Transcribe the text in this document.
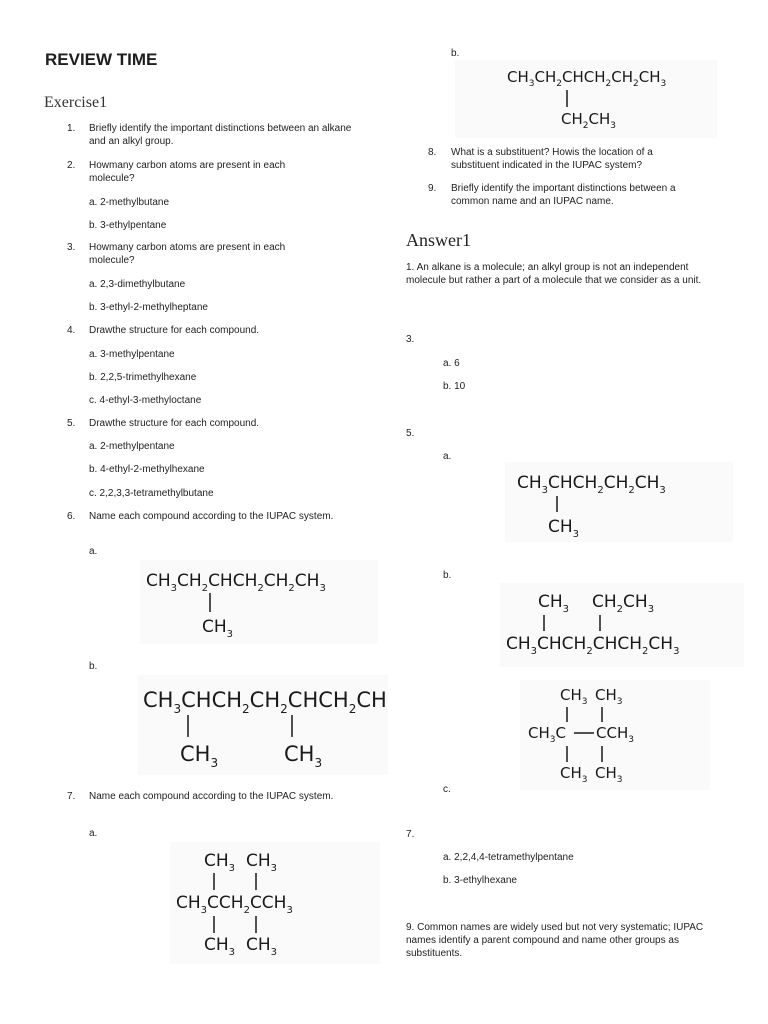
REVIEW TIME
Exercise1
1. Briefly identify the important distinctions between an alkane and an alkyl group.
2. Howmany carbon atoms are present in each molecule?
a. 2-methylbutane
b. 3-ethylpentane
3. Howmany carbon atoms are present in each molecule?
a. 2,3-dimethylbutane
b. 3-ethyl-2-methylheptane
4. Drawthe structure for each compound.
a. 3-methylpentane
b. 2,2,5-trimethylhexane
c. 4-ethyl-3-methyloctane
5. Drawthe structure for each compound.
a. 2-methylpentane
b. 4-ethyl-2-methylhexane
c. 2,2,3,3-tetramethylbutane
6. Name each compound according to the IUPAC system.
a.
$CH_3CH_2CHCH_2CH_2CH_3$
$CH_3$
b.
$CH_3CHCH_2CH_2CHCH_2CH$
$CH_3$	$CH_3$
7. Name each compound according to the IUPAC system.
a.
$CH_3$ $CH_3$
$CH_3CCH_2CCH_3$
$CH_3$ $CH_3$
b.
$CH_3CH_2CHCH_2CH_2CH_3$
$CH_2CH_3$
8. What is a substituent? Howis the location of a substituent indicated in the IUPAC system?
9. Briefly identify the important distinctions between a common name and an IUPAC name.
Answer1
1. An alkane is a molecule; an alkyl group is not an independent molecule but rather a part of a molecule that we consider as a unit.
3.
a. 6
b. 10
5.
a.
$CH_3CHCH_2CH_2CH_3$
$CH_3$
b.
$CH_3$ $CH_2CH_3$
$CH_3CHCH_2CHCH_2CH_3$
$CH_3$ $CH_3$
$CH_3C$ $CCH_3$
$CH_3$ $CH_3$
c.
7.
a. 2,2,4,4-tetramethylpentane
b. 3-ethylhexane
9. Common names are widely used but not very systematic; IUPAC names identify a parent compound and name other groups as substituents.
